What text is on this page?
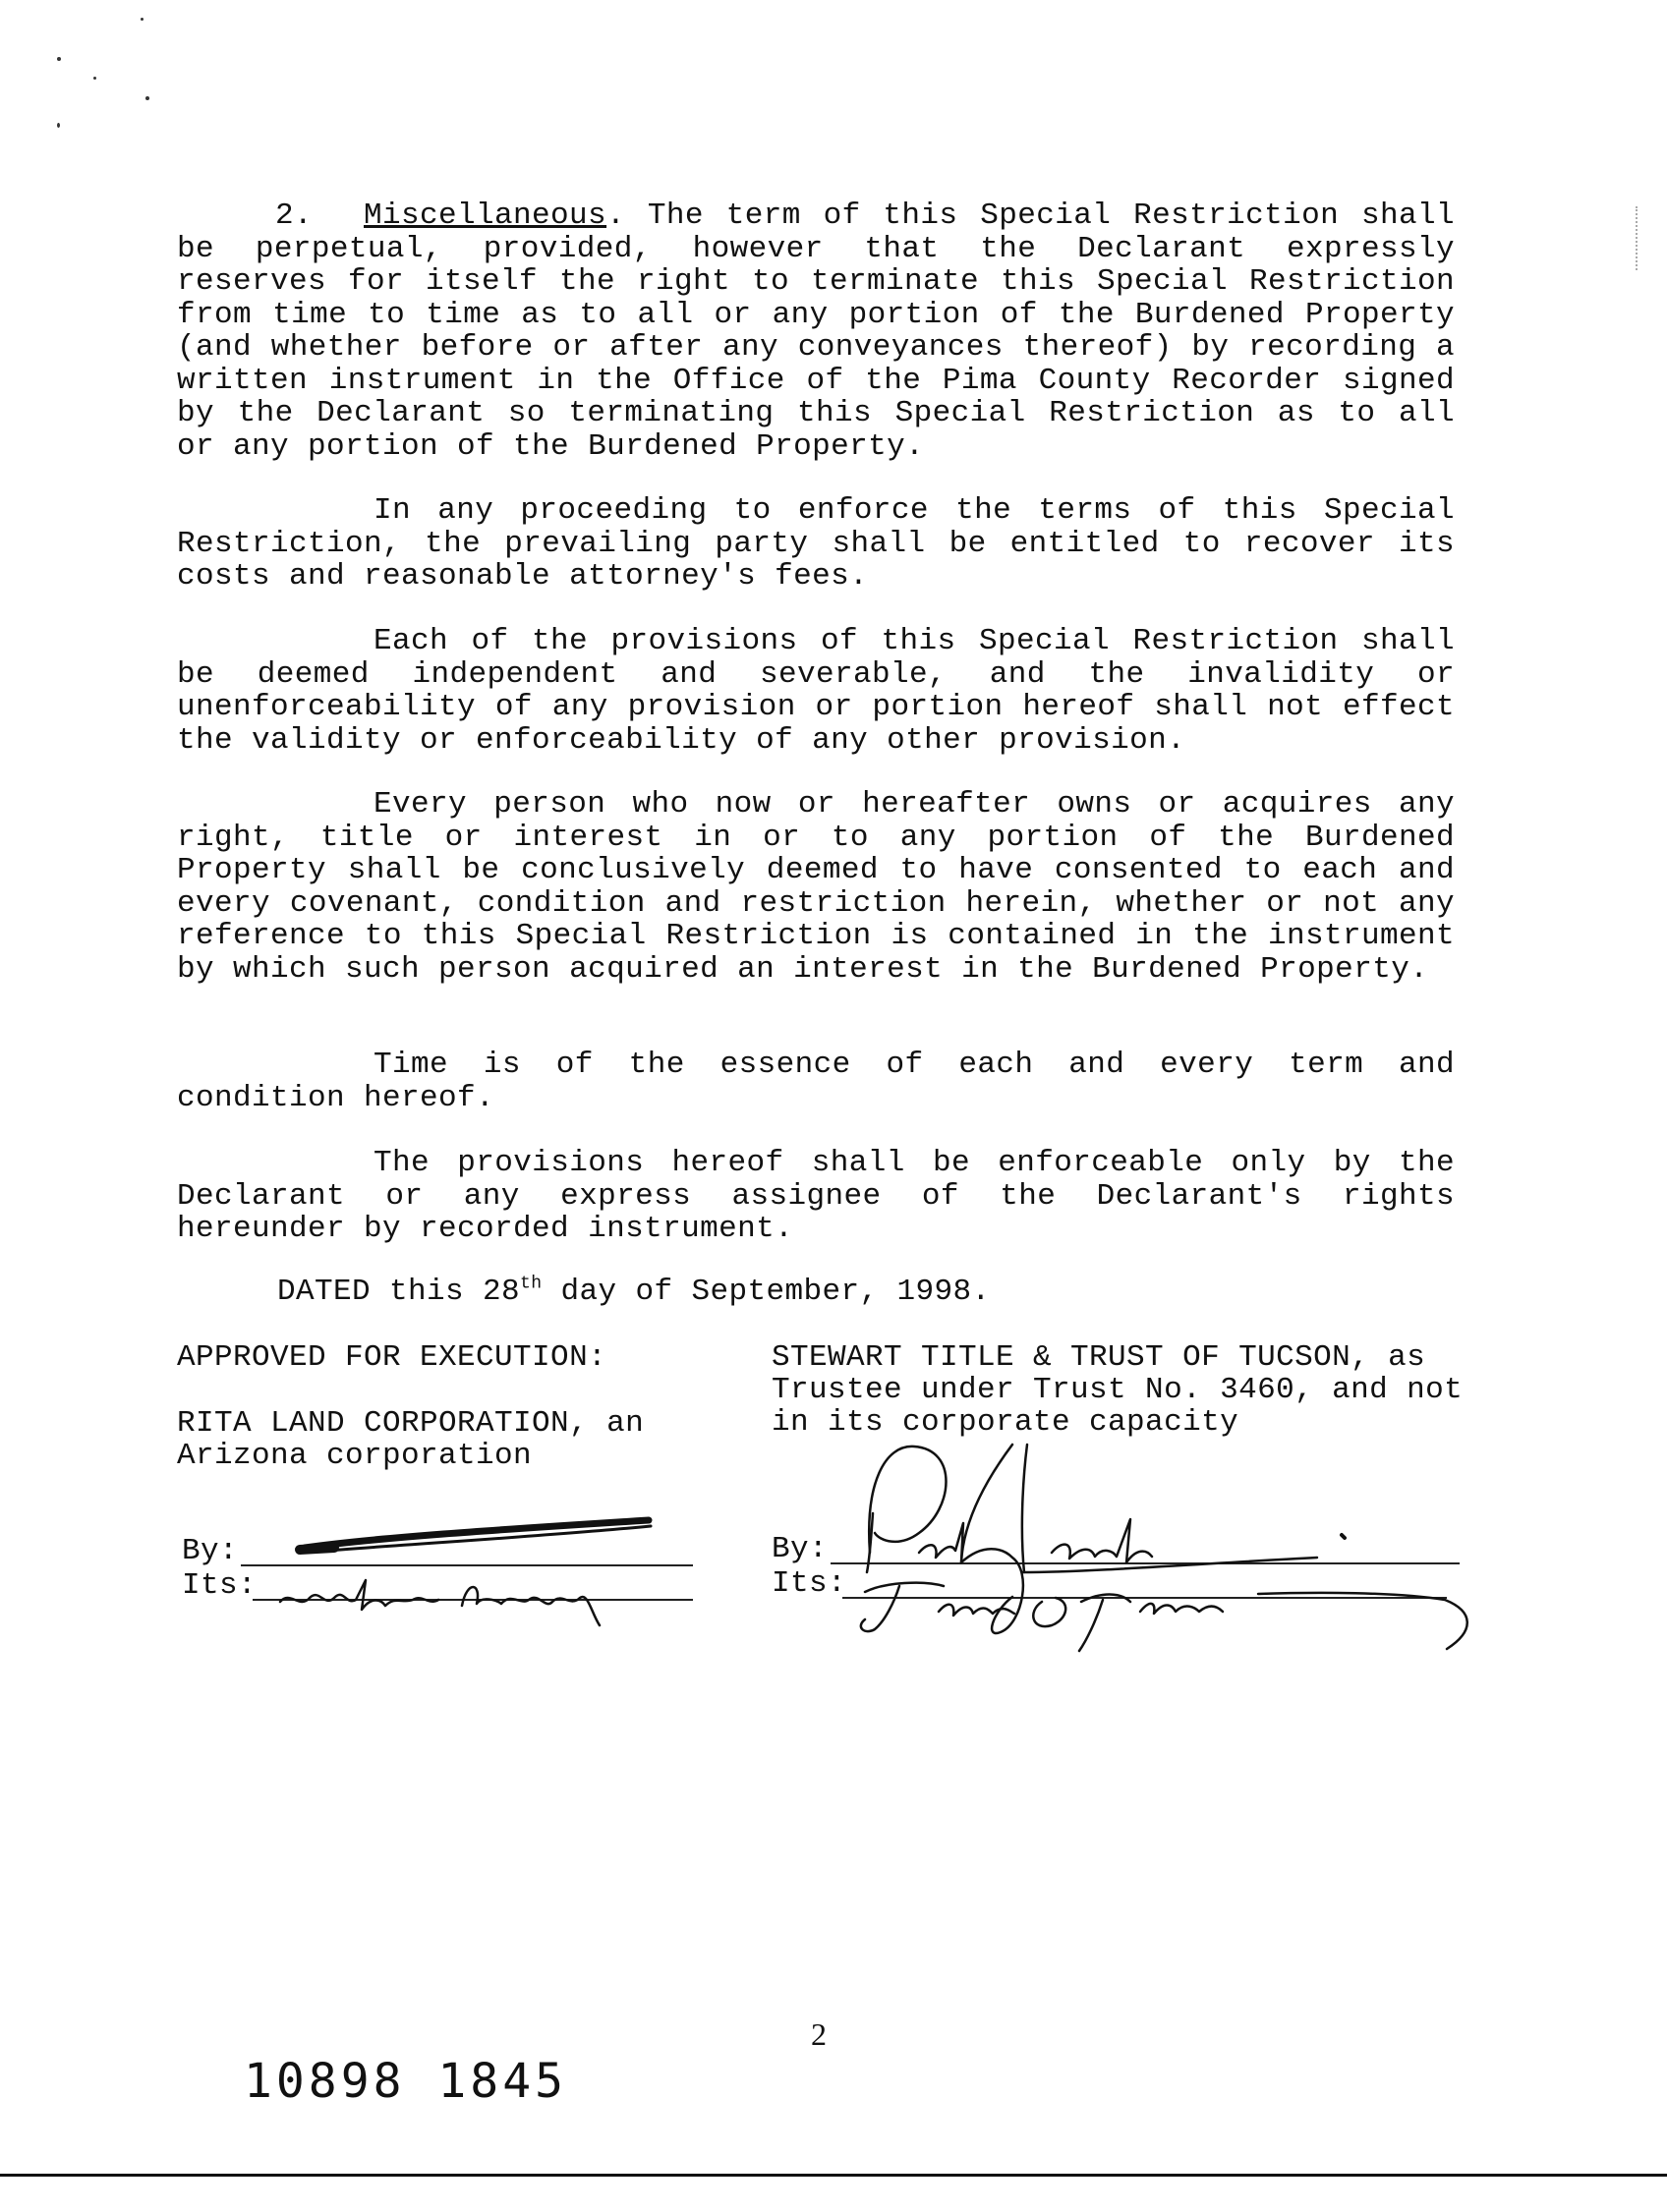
2. Miscellaneous. The term of this Special Restriction shall be perpetual, provided, however that the Declarant expressly reserves for itself the right to terminate this Special Restriction from time to time as to all or any portion of the Burdened Property (and whether before or after any conveyances thereof) by recording a written instrument in the Office of the Pima County Recorder signed by the Declarant so terminating this Special Restriction as to all or any portion of the Burdened Property.

In any proceeding to enforce the terms of this Special Restriction, the prevailing party shall be entitled to recover its costs and reasonable attorney's fees.

Each of the provisions of this Special Restriction shall be deemed independent and severable, and the invalidity or unenforceability of any provision or portion hereof shall not effect the validity or enforceability of any other provision.

Every person who now or hereafter owns or acquires any right, title or interest in or to any portion of the Burdened Property shall be conclusively deemed to have consented to each and every covenant, condition and restriction herein, whether or not any reference to this Special Restriction is contained in the instrument by which such person acquired an interest in the Burdened Property.

Time is of the essence of each and every term and condition hereof.

The provisions hereof shall be enforceable only by the Declarant or any express assignee of the Declarant's rights hereunder by recorded instrument.

DATED this 28th day of September, 1998.
APPROVED FOR EXECUTION:
RITA LAND CORPORATION, an
Arizona corporation
By:
Its:
STEWART TITLE & TRUST OF TUCSON, as
Trustee under Trust No. 3460, and not
in its corporate capacity
By:
Its:
2
10898 1845
